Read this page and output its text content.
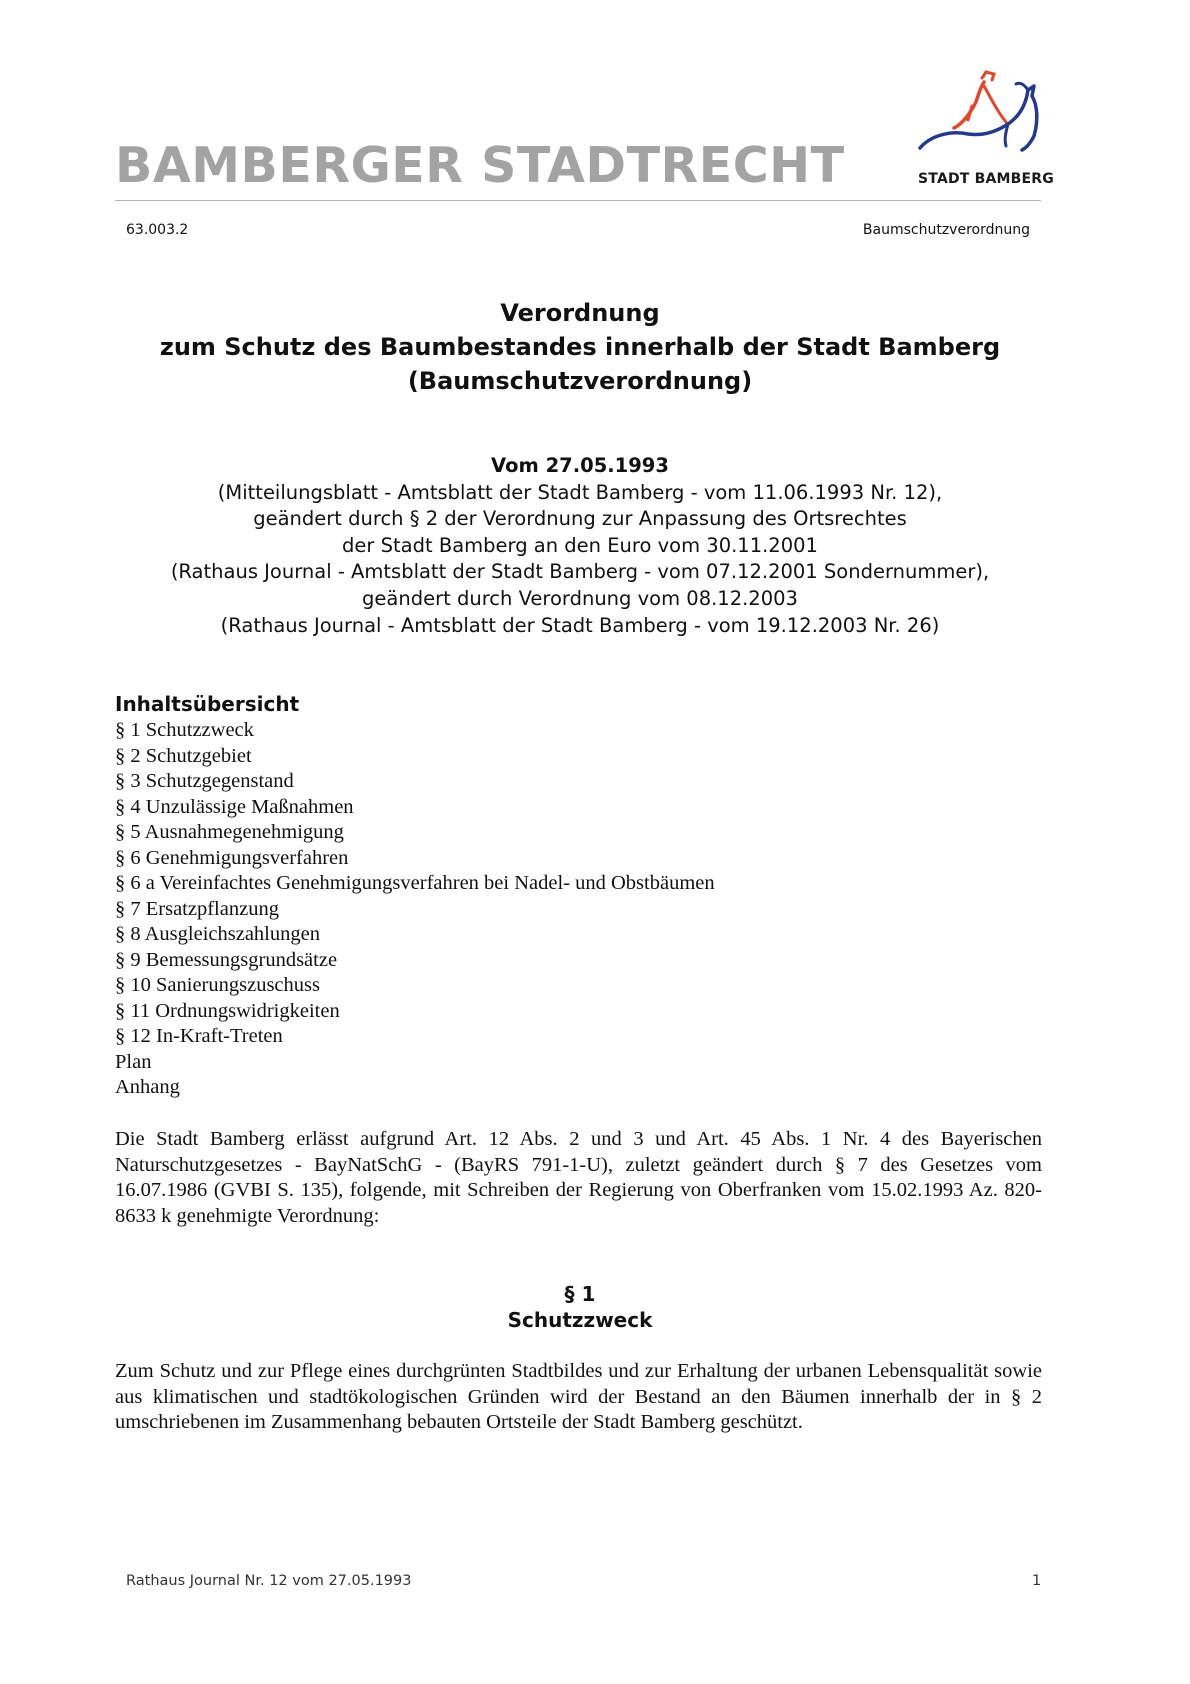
BAMBERGER STADTRECHT	STADT BAMBERG
63.003.2	Baumschutzverordnung
Verordnung
zum Schutz des Baumbestandes innerhalb der Stadt Bamberg
(Baumschutzverordnung)
Vom 27.05.1993
(Mitteilungsblatt - Amtsblatt der Stadt Bamberg - vom 11.06.1993 Nr. 12),
geändert durch § 2 der Verordnung zur Anpassung des Ortsrechtes
der Stadt Bamberg an den Euro vom 30.11.2001
(Rathaus Journal - Amtsblatt der Stadt Bamberg - vom 07.12.2001 Sondernummer),
geändert durch Verordnung vom 08.12.2003
(Rathaus Journal - Amtsblatt der Stadt Bamberg - vom 19.12.2003 Nr. 26)
Inhaltsübersicht
§ 1 Schutzzweck
§ 2 Schutzgebiet
§ 3 Schutzgegenstand
§ 4 Unzulässige Maßnahmen
§ 5 Ausnahmegenehmigung
§ 6 Genehmigungsverfahren
§ 6 a Vereinfachtes Genehmigungsverfahren bei Nadel- und Obstbäumen
§ 7 Ersatzpflanzung
§ 8 Ausgleichszahlungen
§ 9 Bemessungsgrundsätze
§ 10 Sanierungszuschuss
§ 11 Ordnungswidrigkeiten
§ 12 In-Kraft-Treten
Plan
Anhang
Die Stadt Bamberg erlässt aufgrund Art. 12 Abs. 2 und 3 und Art. 45 Abs. 1 Nr. 4 des Bayerischen Naturschutzgesetzes - BayNatSchG - (BayRS 791-1-U), zuletzt geändert durch § 7 des Gesetzes vom 16.07.1986 (GVBI S. 135), folgende, mit Schreiben der Regierung von Oberfranken vom 15.02.1993 Az. 820-8633 k genehmigte Verordnung:
§ 1
Schutzzweck
Zum Schutz und zur Pflege eines durchgrünten Stadtbildes und zur Erhaltung der urbanen Lebensqualität sowie aus klimatischen und stadtökologischen Gründen wird der Bestand an den Bäumen innerhalb der in § 2 umschriebenen im Zusammenhang bebauten Ortsteile der Stadt Bamberg geschützt.
Rathaus Journal Nr. 12 vom 27.05.1993	1
